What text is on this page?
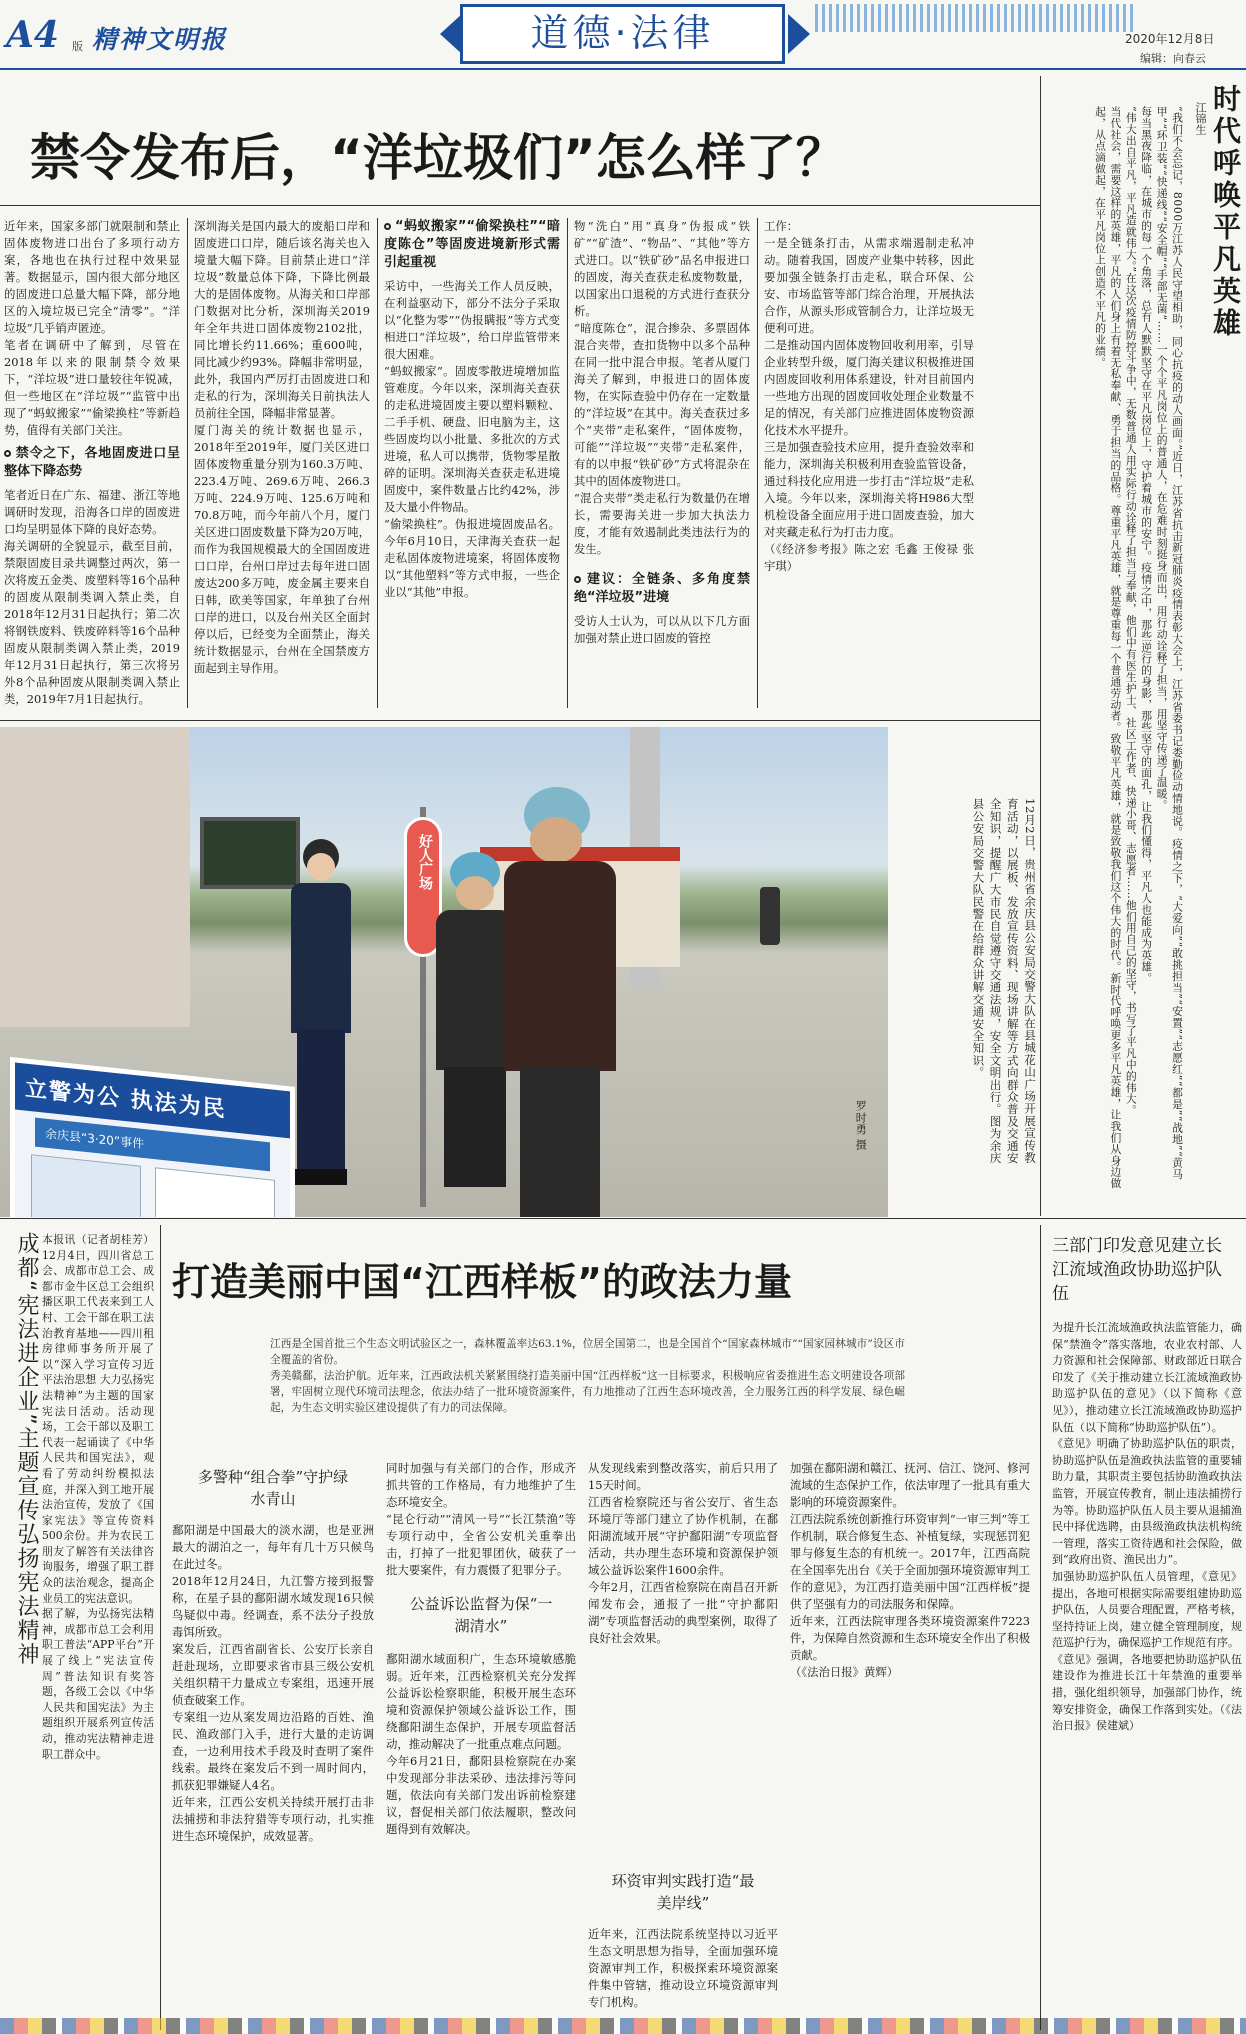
A4 版 精神文明报	道德·法律	2020年12月8日
编辑：向春云
禁令发布后，“洋垃圾们”怎么样了？
近年来，国家多部门就限制和禁止固体废物进口出台了多项行动方案，各地也在执行过程中效果显著。数据显示，国内很大部分地区的固废进口总量大幅下降，部分地区的入境垃圾已完全“清零”。“洋垃圾”几乎销声匿迹。
笔者在调研中了解到，尽管在2018年以来的限制禁令效果下，“洋垃圾”进口量较往年锐减，但一些地区在“洋垃圾”“监管中出现了“蚂蚁搬家”“偷梁换柱”等新趋势，值得有关部门关注。
禁令之下，各地固废进口呈整体下降态势
笔者近日在广东、福建、浙江等地调研时发现，沿海各口岸的固废进口均呈明显体下降的良好态势。
海关调研的全貌显示，截至目前，禁限固废目录共调整过两次，第一次将废五金类、废塑料等16个品种的固废从限制类调入禁止类，自2018年12月31日起执行；第二次将钢铁废料、铁废碎料等16个品种固废从限制类调入禁止类，2019年12月31日起执行，第三次将另外8个品种固废从限制类调入禁止类，2019年7月1日起执行。
深圳海关是国内最大的废船口岸和固废进口口岸，随后该名海关也入境量大幅下降。目前禁止进口“洋垃圾”数量总体下降，下降比例最大的是固体废物。从海关和口岸部门数据对比分析，深圳海关2019年全年共进口固体废物2102批，同比增长约11.66%；重600吨，同比减少约93%。降幅非常明显，此外，我国内严厉打击固废进口和走私的行为，深圳海关日前执法人员前往全国，降幅非常显著。
厦门海关的统计数据也显示，2018年至2019年，厦门关区进口固体废物重量分别为160.3万吨、223.4万吨、269.6万吨、266.3万吨、224.9万吨、125.6万吨和70.8万吨，而今年前八个月，厦门关区进口固废数量下降为20万吨，而作为我国规模最大的全国固废进口口岸，台州口岸过去每年进口固废达200多万吨，废金属主要来自日韩，欧美等国家，年单独了台州口岸的进口，以及台州关区全面封停以后，已经变为全面禁止，海关统计数据显示，台州在全国禁废方面起到主导作用。
“蚂蚁搬家”“偷梁换柱”“暗度陈仓”等固废进境新形式需引起重视
采访中，一些海关工作人员反映，在利益驱动下，部分不法分子采取以“化整为零”“伪报瞒报”等方式变相进口“洋垃圾”，给口岸监管带来很大困难。
“蚂蚁搬家”。固废零散进境增加监管难度。今年以来，深圳海关查获的走私进境固废主要以塑料颗粒、二手手机、硬盘、旧电脑为主，这些固废均以小批量、多批次的方式进境，私人可以携带，货物零星散碎的证明。深圳海关查获走私进境固废中，案件数量占比约42%，涉及大量小件物品。
“偷梁换柱”。伪报进境固废品名。今年6月10日，天津海关查获一起走私固体废物进境案，将固体废物以“其他塑料”等方式申报，一些企业以“其他”申报。
物“洗白”用“真身”伪报成“铁矿”“矿渣”、“物品”、“其他”等方式进口。以“铁矿砂”品名申报进口的固废，海关查获走私废物数量，以国家出口退税的方式进行查获分析。
“暗度陈仓”，混合掺杂、多票固体混合夹带，查扣货物中以多个品种在同一批中混合申报。笔者从厦门海关了解到，申报进口的固体废物，在实际查验中仍存在一定数量的“洋垃圾”在其中。海关查获过多个“夹带”走私案件，“固体废物，可能”“洋垃圾”“夹带”走私案件，有的以申报“铁矿砂”方式将混杂在其中的固体废物进口。
“混合夹带”类走私行为数量仍在增长，需要海关进一步加大执法力度，才能有效遏制此类违法行为的发生。
建议：全链条、多角度禁绝“洋垃圾”进境
受访人士认为，可以从以下几方面加强对禁止进口固废的管控
工作：
一是全链条打击，从需求端遏制走私冲动。随着我国，固废产业集中转移，因此要加强全链条打击走私，联合环保、公安、市场监管等部门综合治理，开展执法合作，从源头形成管制合力，让洋垃圾无便利可进。
二是推动国内固体废物回收利用率，引导企业转型升级，厦门海关建议积极推进国内固废回收利用体系建设，针对目前国内一些地方出现的固废回收处理企业数量不足的情况，有关部门应推进固体废物资源化技术水平提升。
三是加强查验技术应用，提升查验效率和能力，深圳海关积极利用查验监管设备，通过科技化应用进一步打击“洋垃圾”走私入境。今年以来，深圳海关将H986大型机检设备全面应用于进口固废查验，加大对夹藏走私行为打击力度。
（《经济参考报》陈之宏 毛鑫 王俊禄 张宇琪）
立警为公 执法为民
余庆县“3·20”事件
好人广场	12月2日，贵州省余庆县公安局交警大队在县城花山广场开展宣传教育活动，以展板、发放宣传资料、现场讲解等方式向群众普及交通安全知识，提醒广大市民自觉遵守交通法规，安全文明出行。图为余庆县公安局交警大队民警在给群众讲解交通安全知识。
罗时勇 摄
时代呼唤平凡英雄
江锦生
“我们不会忘记，8000万江苏人民守望相助，同心抗疫的动人画面。”近日，江苏省抗击新冠肺炎疫情表彰大会上，江苏省委书记娄勤俭动情地说。疫情之下，“大爱向”“敢挑担当”“安置”“志愿红”“都是”“战地”“黄马甲”“环卫装”“快递线”“安全帽”“手部无菌”……一个个平凡岗位上的普通人，在危难时刻挺身而出，用行动诠释了担当，用坚守传递了温暖。
每当黑夜降临，在城市的每一个角落，总有人默默坚守在平凡岗位上，守护着城市的安宁。疫情之中，那些逆行的身影，那些坚守的面孔，让我们懂得，平凡人也能成为英雄。
“伟大出自平凡，平凡造就伟大。”在这次疫情防控斗争中，无数普通人用实际行动诠释了担当与奉献，他们中有医生护士、社区工作者、快递小哥、志愿者……他们用自己的坚守，书写了平凡中的伟大。
当代社会，需要这样的英雄，平凡的人们身上有着无私奉献、勇于担当的品格。尊重平凡英雄，就是尊重每一个普通劳动者。致敬平凡英雄，就是致敬我们这个伟大的时代。新时代呼唤更多平凡英雄，让我们从身边做起，从点滴做起，在平凡岗位上创造不平凡的业绩。
成都“宪法进企业”主题宣传弘扬宪法精神 本报讯（记者胡桂芳）12月4日，四川省总工会、成都市总工会、成都市金牛区总工会组织播区职工代表来到工人村、工会干部在职工法治教育基地——四川租房律师事务所开展了以“深入学习宣传习近平法治思想 大力弘扬宪法精神”为主题的国家宪法日活动。活动现场，工会干部以及职工代表一起诵读了《中华人民共和国宪法》，观看了劳动纠纷模拟法庭，并深入到工地开展法治宣传，发放了《国家宪法》等宣传资料500余份。并为农民工朋友了解答有关法律咨询服务，增强了职工群众的法治观念，提高企业员工的宪法意识。
据了解，为弘扬宪法精神，成都市总工会利用职工普法“APP平台”开展了线上“宪法宣传周”普法知识有奖答题，各级工会以《中华人民共和国宪法》为主题组织开展系列宣传活动，推动宪法精神走进职工群众中。
打造美丽中国“江西样板”的政法力量
江西是全国首批三个生态文明试验区之一，森林覆盖率达63.1%，位居全国第二，也是全国首个“国家森林城市”“国家园林城市”设区市全覆盖的省份。
秀美赣鄱，法治护航。近年来，江西政法机关紧紧围绕打造美丽中国“江西样板”这一目标要求，积极响应省委推进生态文明建设各项部署，牢固树立现代环境司法理念，依法办结了一批环境资源案件，有力地推动了江西生态环境改善，全力服务江西的科学发展、绿色崛起，为生态文明实验区建设提供了有力的司法保障。
多警种“组合拳”守护绿水青山
鄱阳湖是中国最大的淡水湖，也是亚洲最大的湖泊之一，每年有几十万只候鸟在此过冬。
2018年12月24日，九江警方接到报警称，在星子县的鄱阳湖水域发现16只候鸟疑似中毒。经调查，系不法分子投放毒饵所致。
案发后，江西省副省长、公安厅长亲自赶赴现场，立即要求省市县三级公安机关组织精干力量成立专案组，迅速开展侦查破案工作。
专案组一边从案发周边沿路的百姓、渔民、渔政部门入手，进行大量的走访调查，一边利用技术手段及时查明了案件线索。最终在案发后不到一周时间内，抓获犯罪嫌疑人4名。
近年来，江西公安机关持续开展打击非法捕捞和非法狩猎等专项行动，扎实推进生态环境保护，成效显著。
同时加强与有关部门的合作，形成齐抓共管的工作格局，有力地维护了生态环境安全。
“昆仑行动”“清风一号”“长江禁渔”等专项行动中，全省公安机关重拳出击，打掉了一批犯罪团伙，破获了一批大要案件，有力震慑了犯罪分子。
公益诉讼监督为保“一湖清水”
鄱阳湖水域面积广，生态环境敏感脆弱。近年来，江西检察机关充分发挥公益诉讼检察职能，积极开展生态环境和资源保护领域公益诉讼工作，围绕鄱阳湖生态保护，开展专项监督活动，推动解决了一批重点难点问题。
今年6月21日，鄱阳县检察院在办案中发现部分非法采砂、违法排污等问题，依法向有关部门发出诉前检察建议，督促相关部门依法履职，整改问题得到有效解决。
从发现线索到整改落实，前后只用了15天时间。
江西省检察院还与省公安厅、省生态环境厅等部门建立了协作机制，在鄱阳湖流域开展“守护鄱阳湖”专项监督活动，共办理生态环境和资源保护领域公益诉讼案件1600余件。
今年2月，江西省检察院在南昌召开新闻发布会，通报了一批“守护鄱阳湖”专项监督活动的典型案例，取得了良好社会效果。
环资审判实践打造“最美岸线”
近年来，江西法院系统坚持以习近平生态文明思想为指导，全面加强环境资源审判工作，积极探索环境资源案件集中管辖，推动设立环境资源审判专门机构。
加强在鄱阳湖和赣江、抚河、信江、饶河、修河流域的生态保护工作，依法审理了一批具有重大影响的环境资源案件。
江西法院系统创新推行环资审判“一审三判”等工作机制，联合修复生态、补植复绿，实现惩罚犯罪与修复生态的有机统一。2017年，江西高院在全国率先出台《关于全面加强环境资源审判工作的意见》，为江西打造美丽中国“江西样板”提供了坚强有力的司法服务和保障。
近年来，江西法院审理各类环境资源案件7223件，为保障自然资源和生态环境安全作出了积极贡献。
（《法治日报》黄辉）
三部门印发意见建立长江流域渔政协助巡护队伍
为提升长江流域渔政执法监管能力，确保“禁渔令”落实落地，农业农村部、人力资源和社会保障部、财政部近日联合印发了《关于推动建立长江流域渔政协助巡护队伍的意见》（以下简称《意见》），推动建立长江流域渔政协助巡护队伍（以下简称“协助巡护队伍”）。
《意见》明确了协助巡护队伍的职责，协助巡护队伍是渔政执法监管的重要辅助力量，其职责主要包括协助渔政执法监管，开展宣传教育，制止违法捕捞行为等。协助巡护队伍人员主要从退捕渔民中择优选聘，由县级渔政执法机构统一管理，落实工资待遇和社会保险，做到“政府出资、渔民出力”。
加强协助巡护队伍人员管理，《意见》提出，各地可根据实际需要组建协助巡护队伍，人员要合理配置，严格考核，坚持持证上岗，建立健全管理制度，规范巡护行为，确保巡护工作规范有序。
《意见》强调，各地要把协助巡护队伍建设作为推进长江十年禁渔的重要举措，强化组织领导，加强部门协作，统筹安排资金，确保工作落到实处。（《法治日报》侯建斌）
